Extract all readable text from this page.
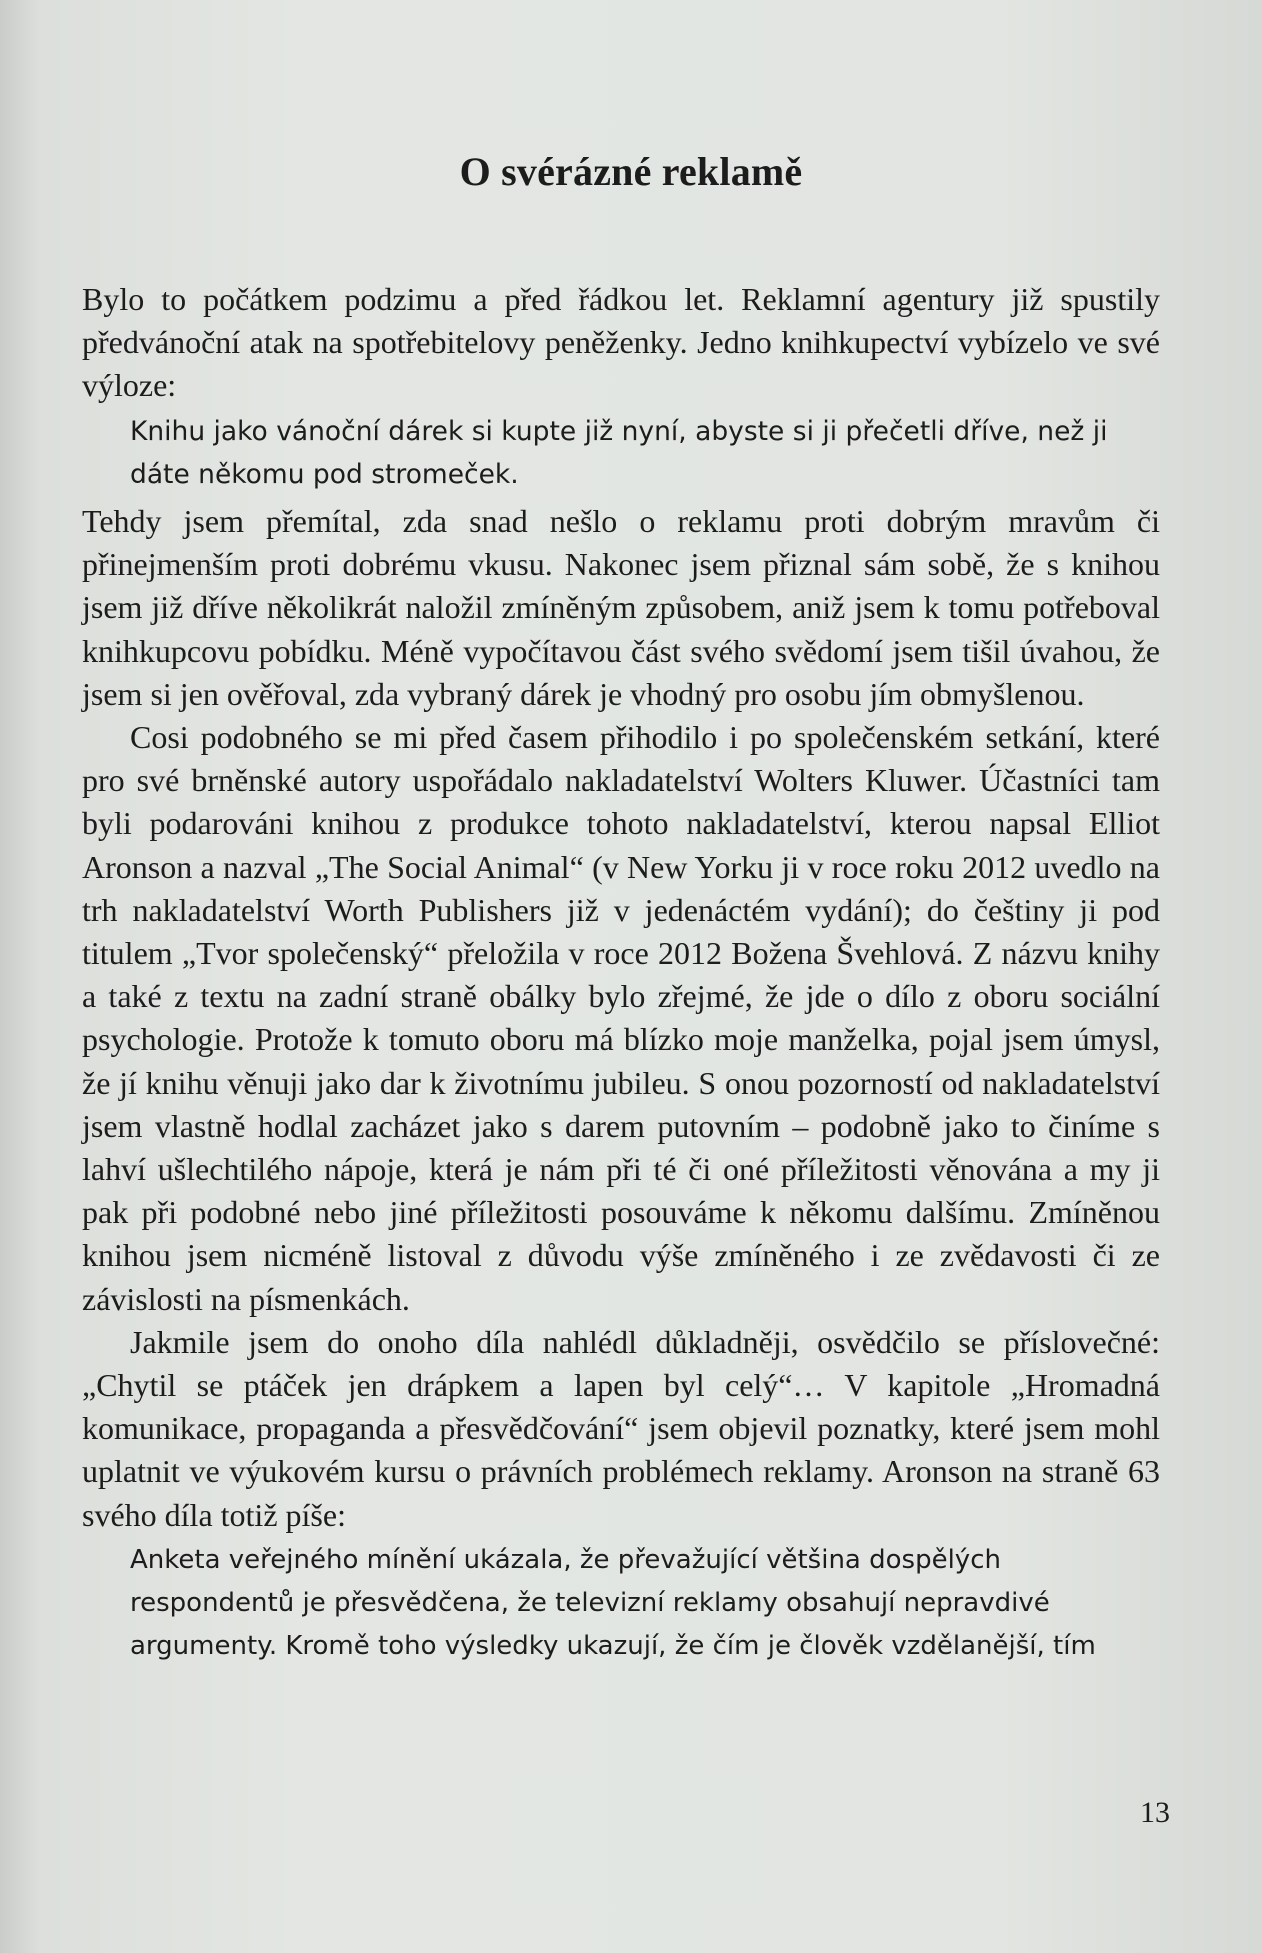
O svérázné reklamě

Bylo to počátkem podzimu a před řádkou let. Reklamní agentury již spustily předvánoční atak na spotřebitelovy peněženky. Jedno knihkupectví vybízelo ve své výloze:

Knihu jako vánoční dárek si kupte již nyní, abyste si ji přečetli dříve, než ji dáte někomu pod stromeček.

Tehdy jsem přemítal, zda snad nešlo o reklamu proti dobrým mravům či přinejmenším proti dobrému vkusu. Nakonec jsem přiznal sám sobě, že s knihou jsem již dříve několikrát naložil zmíněným způsobem, aniž jsem k tomu potřeboval knihkupcovu pobídku. Méně vypočítavou část svého svědomí jsem tišil úvahou, že jsem si jen ověřoval, zda vybraný dárek je vhodný pro osobu jím obmyšlenou.

Cosi podobného se mi před časem přihodilo i po společenském setkání, které pro své brněnské autory uspořádalo nakladatelství Wolters Kluwer. Účastníci tam byli podarováni knihou z produkce tohoto nakladatelství, kterou napsal Elliot Aronson a nazval „The Social Animal“ (v New Yorku ji v roce roku 2012 uvedlo na trh nakladatelství Worth Publishers již v jedenáctém vydání); do češtiny ji pod titulem „Tvor společenský“ přeložila v roce 2012 Božena Švehlová. Z názvu knihy a také z textu na zadní straně obálky bylo zřejmé, že jde o dílo z oboru sociální psychologie. Protože k tomuto oboru má blízko moje manželka, pojal jsem úmysl, že jí knihu věnuji jako dar k životnímu jubileu. S onou pozorností od nakladatelství jsem vlastně hodlal zacházet jako s darem putovním – podobně jako to činíme s lahví ušlechtilého nápoje, která je nám při té či oné příležitosti věnována a my ji pak při podobné nebo jiné příležitosti posouváme k někomu dalšímu. Zmíněnou knihou jsem nicméně listoval z důvodu výše zmíněného i ze zvědavosti či ze závislosti na písmenkách.

Jakmile jsem do onoho díla nahlédl důkladněji, osvědčilo se příslovečné: „Chytil se ptáček jen drápkem a lapen byl celý“… V kapitole „Hromadná komunikace, propaganda a přesvědčování“ jsem objevil poznatky, které jsem mohl uplatnit ve výukovém kursu o právních problémech reklamy. Aronson na straně 63 svého díla totiž píše:

Anketa veřejného mínění ukázala, že převažující většina dospělých respondentů je přesvědčena, že televizní reklamy obsahují nepravdivé argumenty. Kromě toho výsledky ukazují, že čím je člověk vzdělanější, tím

13
